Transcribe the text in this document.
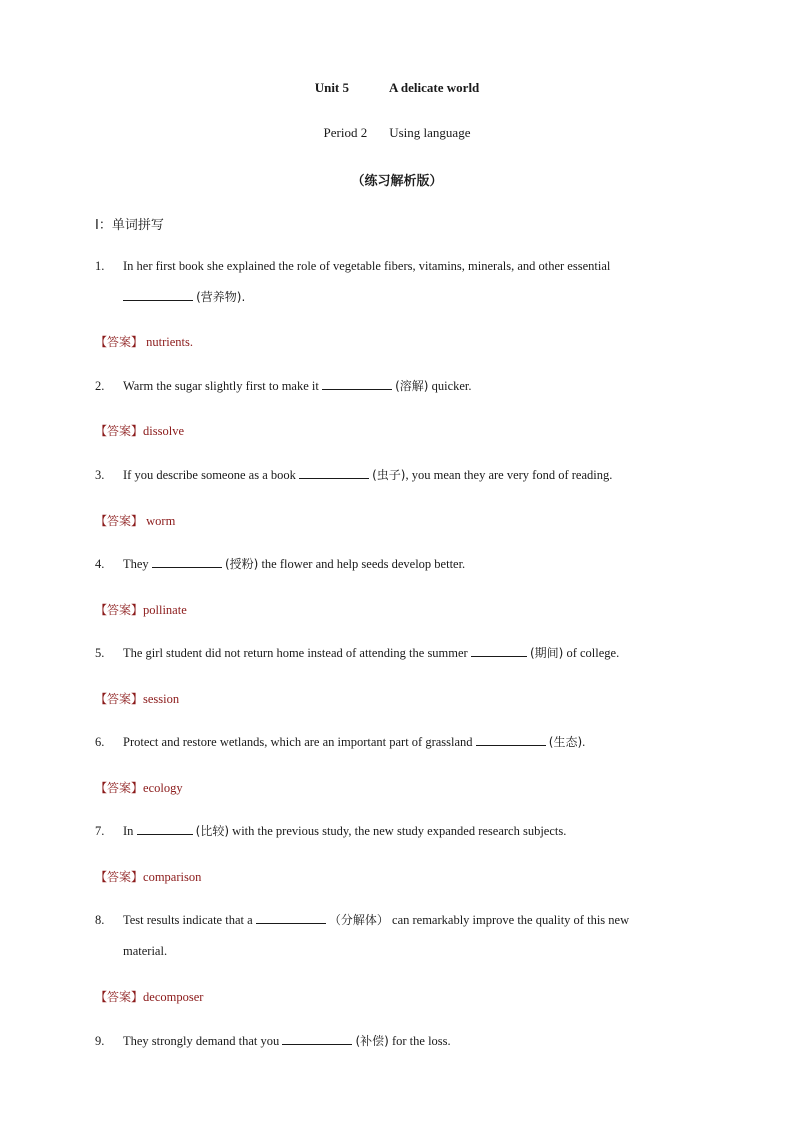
Unit 5	A delicate world
Period 2 Using language
（练习解析版）
I：单词拼写
1. In her first book she explained the role of vegetable fibers, vitamins, minerals, and other essential
(营养物).
【答案】 nutrients.
2. Warm the sugar slightly first to make it	(溶解) quicker.
【答案】dissolve
3. If you describe someone as a book	(虫子), you mean they are very fond of reading.
【答案】 worm
4. They	(授粉) the flower and help seeds develop better.
【答案】pollinate
5. The girl student did not return home instead of attending the summer	(期间) of college.
【答案】session
6. Protect and restore wetlands, which are an important part of grassland	(生态).
【答案】ecology
7. In	(比较) with the previous study, the new study expanded research subjects.
【答案】comparison
8. Test results indicate that a	（分解体） can remarkably improve the quality of this new
material.
【答案】decomposer
9. They strongly demand that you	(补偿) for the loss.
